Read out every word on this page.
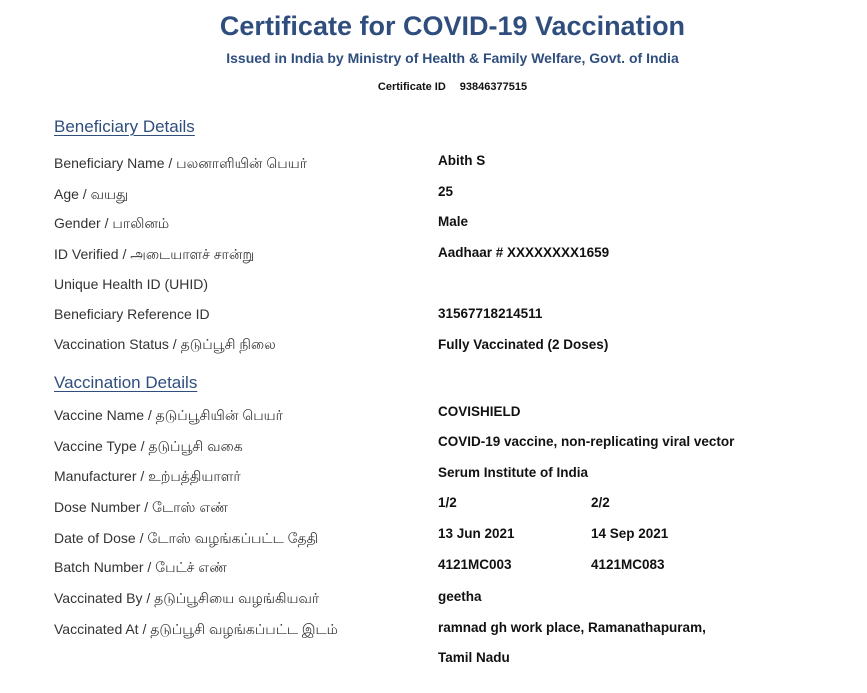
Certificate for COVID-19 Vaccination
Issued in India by Ministry of Health & Family Welfare, Govt. of India
Certificate ID 93846377515
Beneficiary Details
Beneficiary Name / பலனாளியின் பெயர்	Abith S
Age / வயது	25
Gender / பாலினம்	Male
ID Verified / அடையாளச் சான்று	Aadhaar # XXXXXXXX1659
Unique Health ID (UHID)
Beneficiary Reference ID	31567718214511
Vaccination Status / தடுப்பூசி நிலை	Fully Vaccinated (2 Doses)
Vaccination Details
Vaccine Name / தடுப்பூசியின் பெயர்	COVISHIELD
Vaccine Type / தடுப்பூசி வகை	COVID-19 vaccine, non-replicating viral vector
Manufacturer / உற்பத்தியாளர்	Serum Institute of India
Dose Number / டோஸ் எண்	1/2	2/2
Date of Dose / டோஸ் வழங்கப்பட்ட தேதி	13 Jun 2021	14 Sep 2021
Batch Number / பேட்ச் எண்	4121MC003	4121MC083
Vaccinated By / தடுப்பூசியை வழங்கியவர்	geetha
Vaccinated At / தடுப்பூசி வழங்கப்பட்ட இடம்	ramnad gh work place, Ramanathapuram,
Tamil Nadu
